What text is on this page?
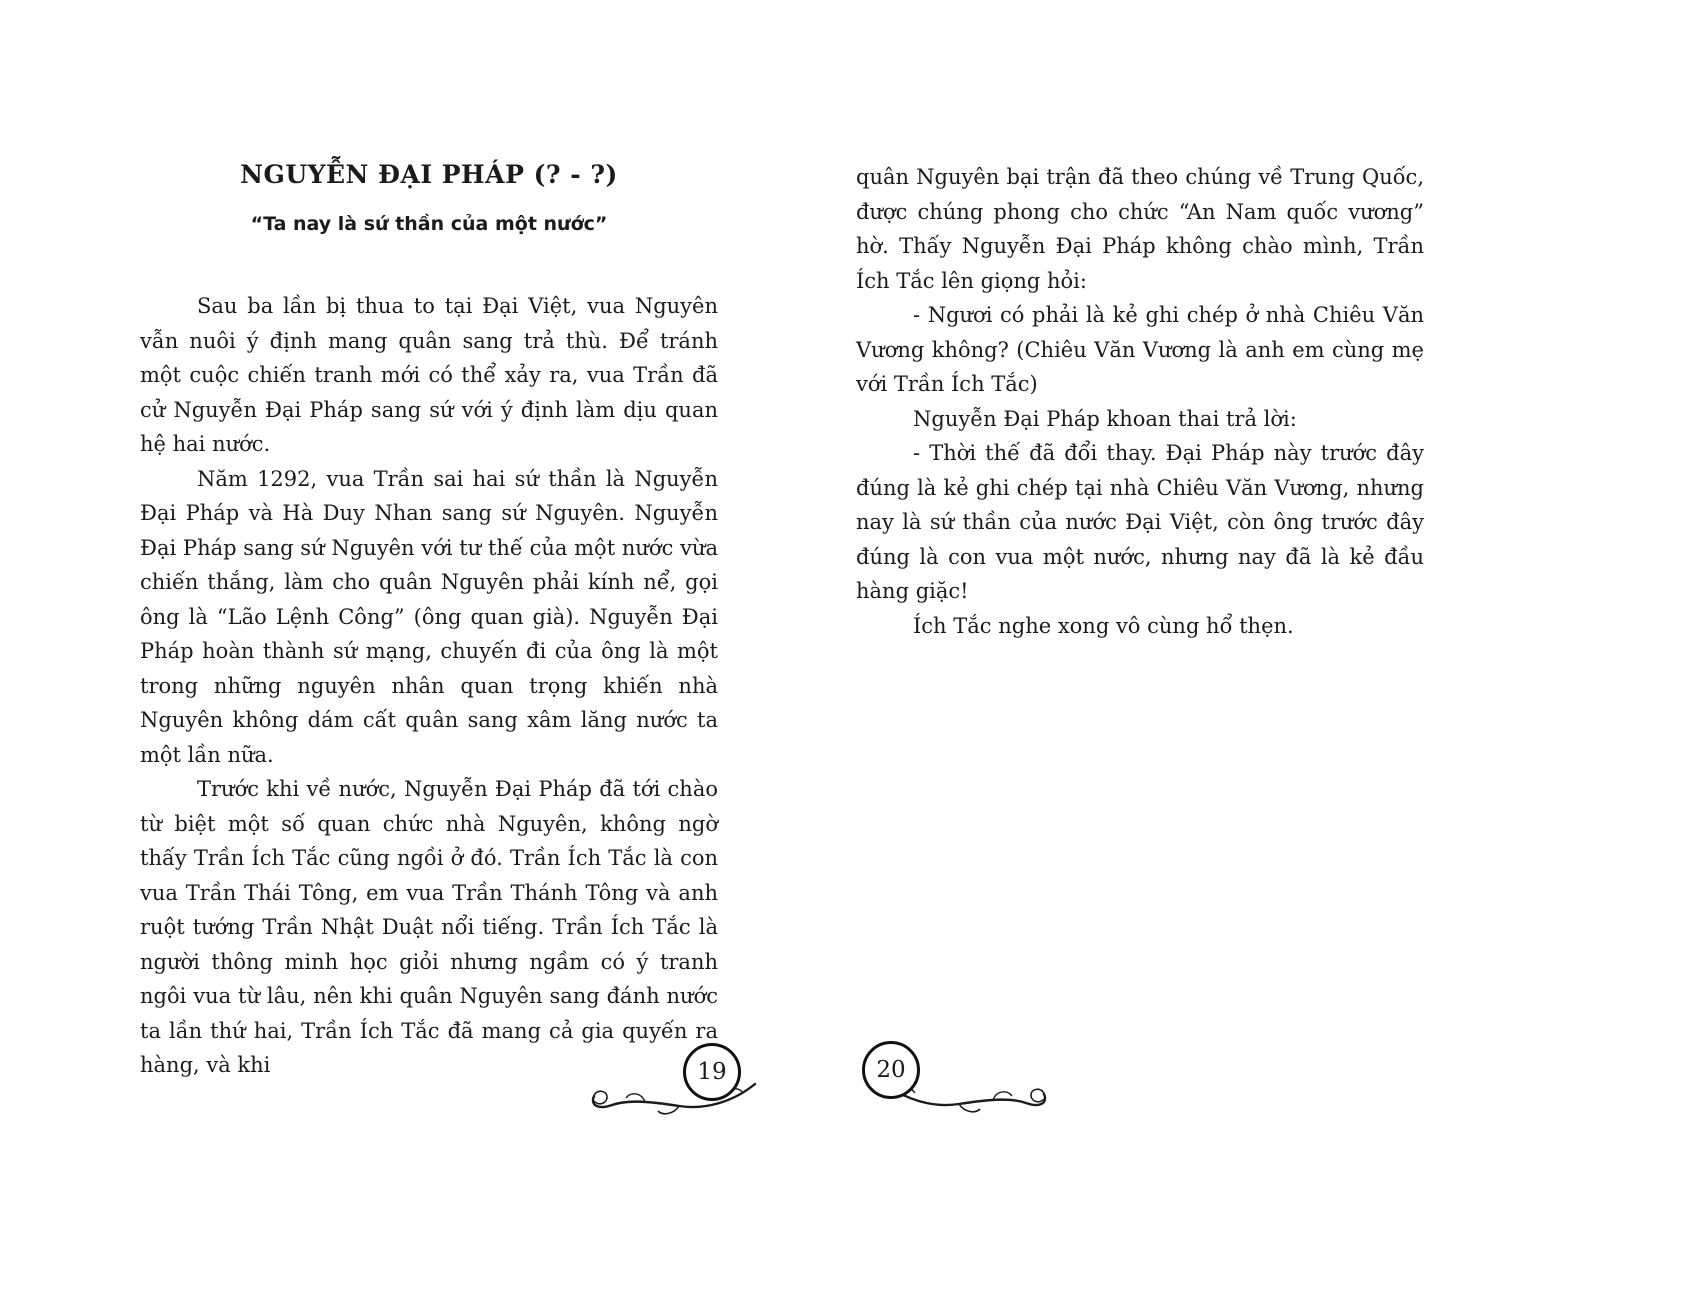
NGUYỄN ĐẠI PHÁP (? - ?)
“Ta nay là sứ thần của một nước”

Sau ba lần bị thua to tại Đại Việt, vua Nguyên vẫn nuôi ý định mang quân sang trả thù. Để tránh một cuộc chiến tranh mới có thể xảy ra, vua Trần đã cử Nguyễn Đại Pháp sang sứ với ý định làm dịu quan hệ hai nước.

Năm 1292, vua Trần sai hai sứ thần là Nguyễn Đại Pháp và Hà Duy Nhan sang sứ Nguyên. Nguyễn Đại Pháp sang sứ Nguyên với tư thế của một nước vừa chiến thắng, làm cho quân Nguyên phải kính nể, gọi ông là “Lão Lệnh Công” (ông quan già). Nguyễn Đại Pháp hoàn thành sứ mạng, chuyến đi của ông là một trong những nguyên nhân quan trọng khiến nhà Nguyên không dám cất quân sang xâm lăng nước ta một lần nữa.

Trước khi về nước, Nguyễn Đại Pháp đã tới chào từ biệt một số quan chức nhà Nguyên, không ngờ thấy Trần Ích Tắc cũng ngồi ở đó. Trần Ích Tắc là con vua Trần Thái Tông, em vua Trần Thánh Tông và anh ruột tướng Trần Nhật Duật nổi tiếng. Trần Ích Tắc là người thông minh học giỏi nhưng ngầm có ý tranh ngôi vua từ lâu, nên khi quân Nguyên sang đánh nước ta lần thứ hai, Trần Ích Tắc đã mang cả gia quyến ra hàng, và khi

quân Nguyên bại trận đã theo chúng về Trung Quốc, được chúng phong cho chức “An Nam quốc vương” hờ. Thấy Nguyễn Đại Pháp không chào mình, Trần Ích Tắc lên giọng hỏi:

- Ngươi có phải là kẻ ghi chép ở nhà Chiêu Văn Vương không? (Chiêu Văn Vương là anh em cùng mẹ với Trần Ích Tắc)

Nguyễn Đại Pháp khoan thai trả lời:

- Thời thế đã đổi thay. Đại Pháp này trước đây đúng là kẻ ghi chép tại nhà Chiêu Văn Vương, nhưng nay là sứ thần của nước Đại Việt, còn ông trước đây đúng là con vua một nước, nhưng nay đã là kẻ đầu hàng giặc!

Ích Tắc nghe xong vô cùng hổ thẹn.

19	20
